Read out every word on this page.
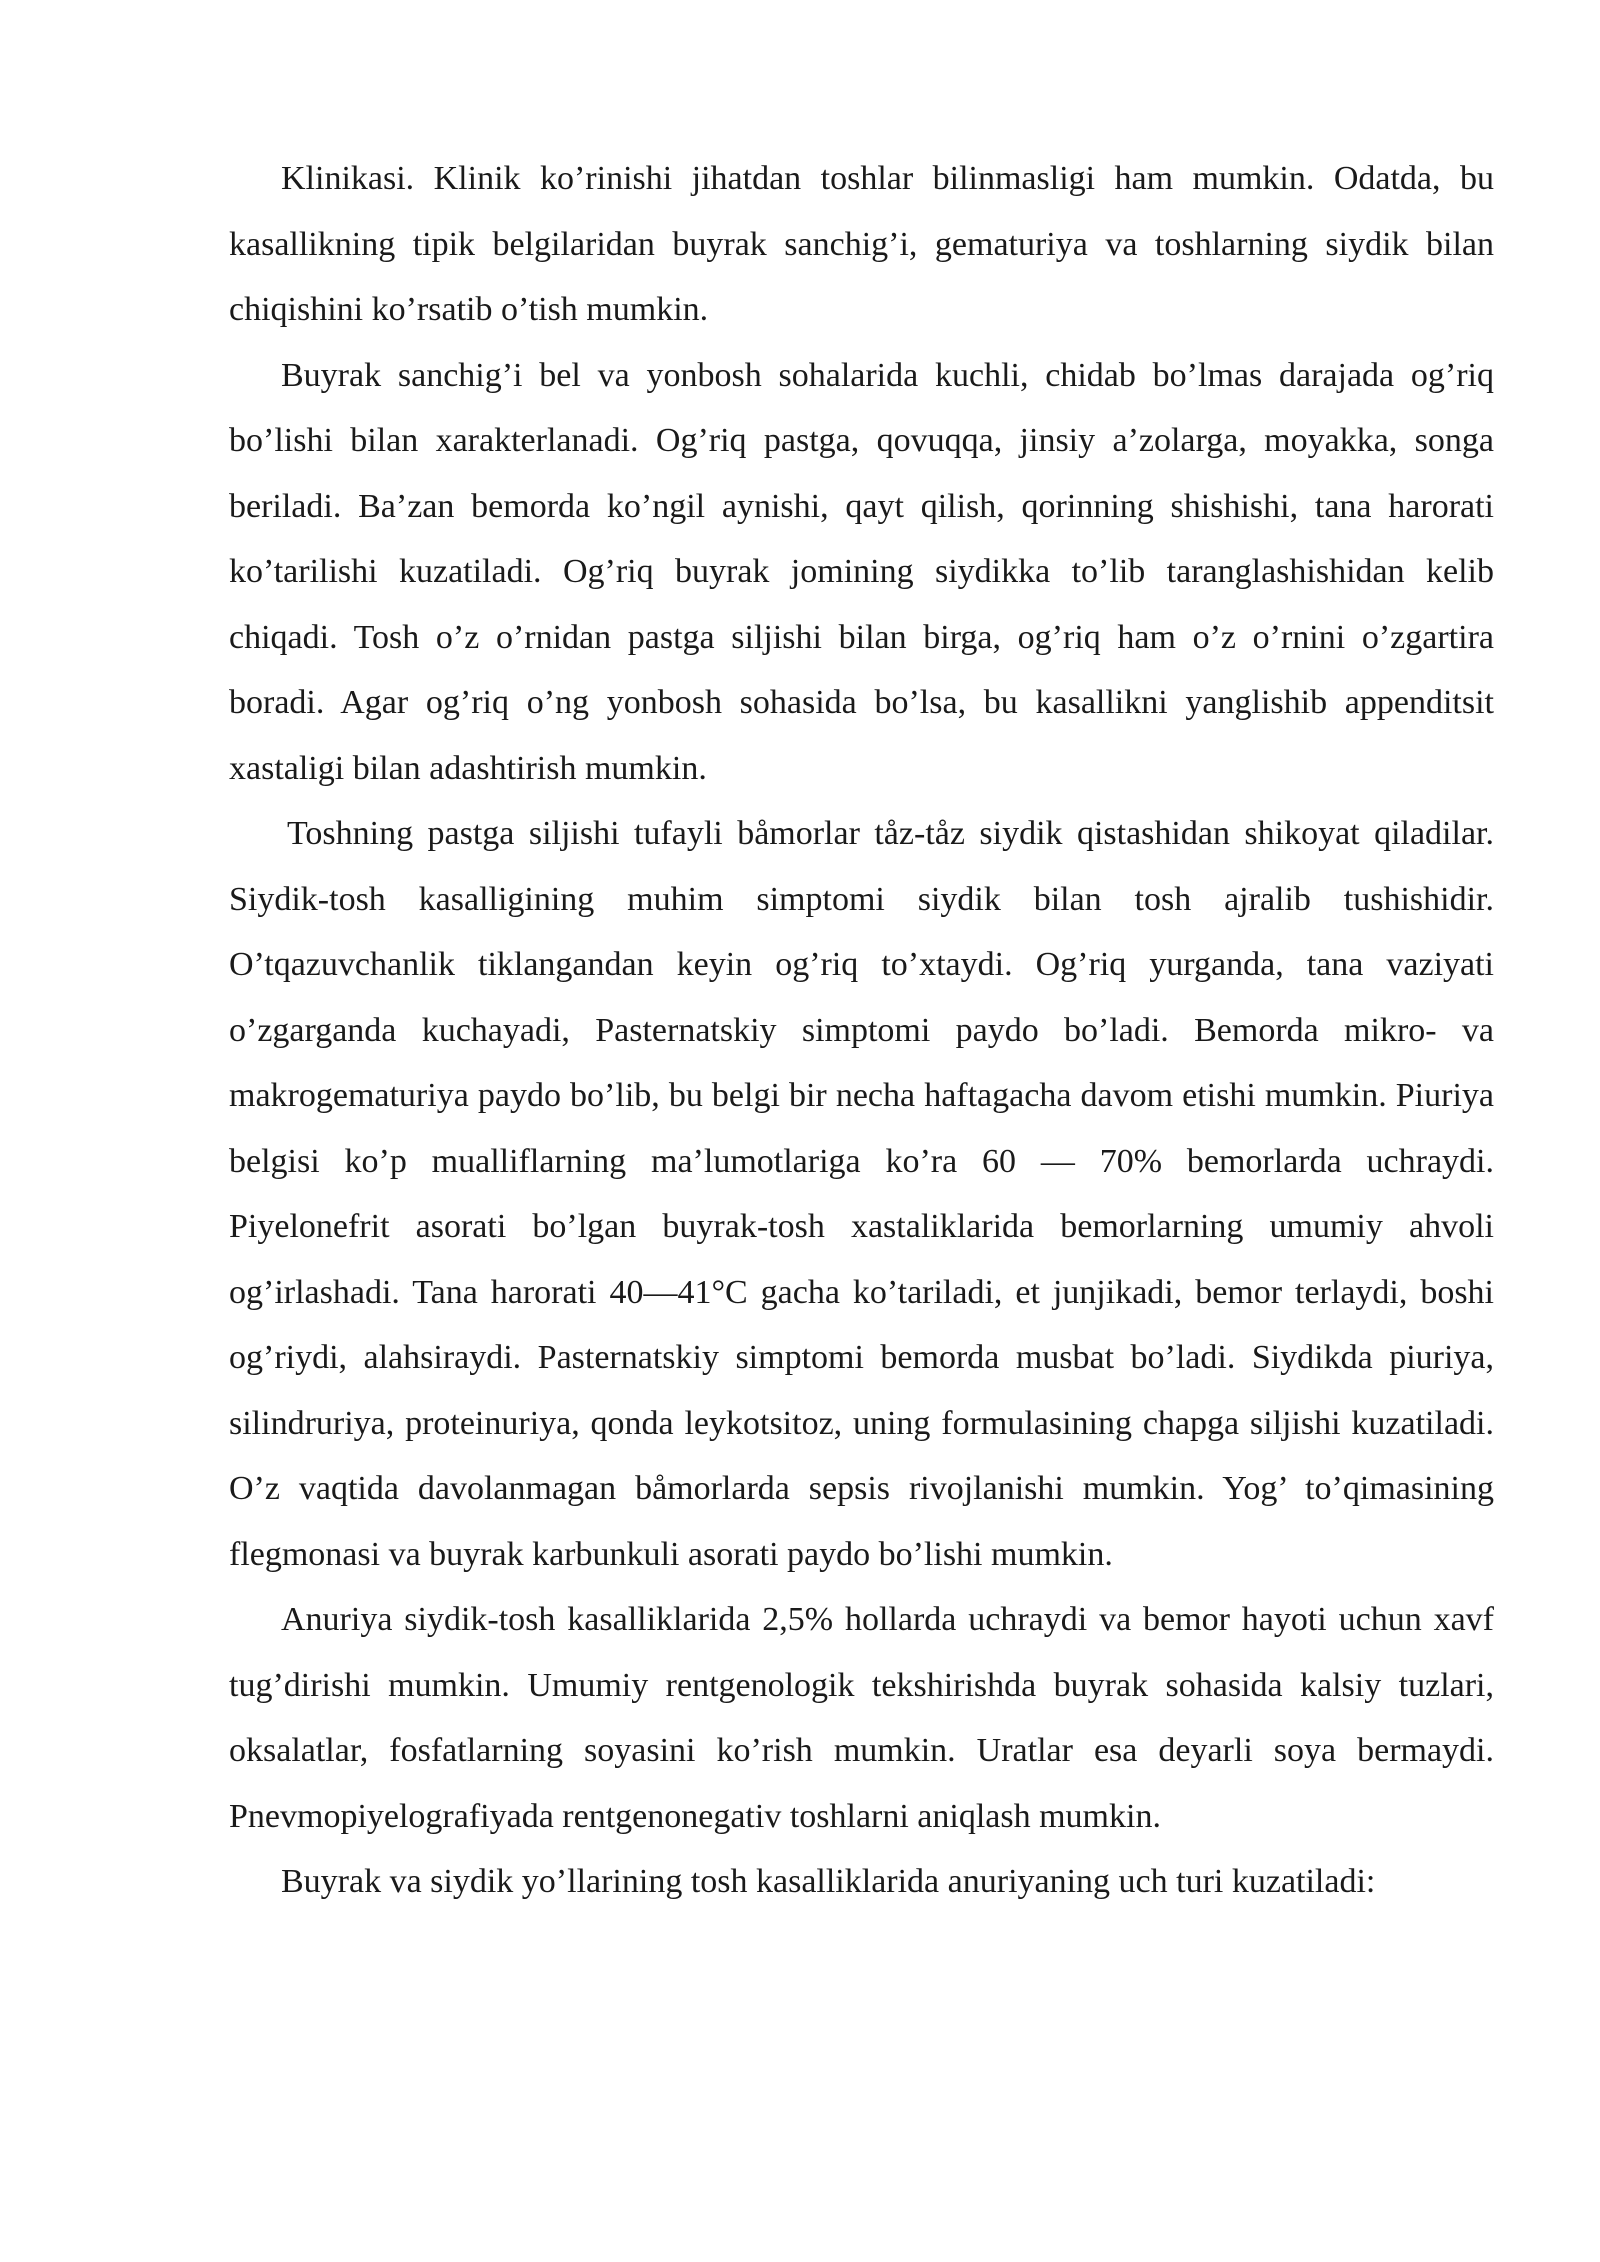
Klinikasi. Klinik ko’rinishi jihatdan toshlar bilinmasligi ham mumkin. Odatda, bu kasallikning tipik belgilaridan buyrak sanchig’i, gematuriya va toshlarning siydik bilan chiqishini ko’rsatib o’tish mumkin.

Buyrak sanchig’i bel va yonbosh sohalarida kuchli, chidab bo’lmas darajada og’riq bo’lishi bilan xarakterlanadi. Og’riq pastga, qovuqqa, jinsiy a’zolarga, moyakka, songa beriladi. Ba’zan bemorda ko’ngil aynishi, qayt qilish, qorinning shishishi, tana harorati ko’tarilishi kuzatiladi. Og’riq buyrak jomining siydikka to’lib taranglashishidan kelib chiqadi. Tosh o’z o’rnidan pastga siljishi bilan birga, og’riq ham o’z o’rnini o’zgartira boradi. Agar og’riq o’ng yonbosh sohasida bo’lsa, bu kasallikni yanglishib appenditsit xastaligi bilan adashtirish mumkin.

Toshning pastga siljishi tufayli båmorlar tåz-tåz siydik qistashidan shikoyat qiladilar. Siydik-tosh kasalligining muhim simptomi siydik bilan tosh ajralib tushishidir. O’tqazuvchanlik tiklangandan keyin og’riq to’xtaydi. Og’riq yurganda, tana vaziyati o’zgarganda kuchayadi, Pasternatskiy simptomi paydo bo’ladi. Bemorda mikro- va makrogematuriya paydo bo’lib, bu belgi bir necha haftagacha davom etishi mumkin. Piuriya belgisi ko’p mualliflarning ma’lumotlariga ko’ra 60 — 70% bemorlarda uchraydi. Piyelonefrit asorati bo’lgan buyrak-tosh xastaliklarida bemorlarning umumiy ahvoli og’irlashadi. Tana harorati 40—41°C gacha ko’tariladi, et junjikadi, bemor terlaydi, boshi og’riydi, alahsiraydi. Pasternatskiy simptomi bemorda musbat bo’ladi. Siydikda piuriya, silindruriya, proteinuriya, qonda leykotsitoz, uning formulasining chapga siljishi kuzatiladi. O’z vaqtida davolanmagan båmorlarda sepsis rivojlanishi mumkin. Yog’ to’qimasining flegmonasi va buyrak karbunkuli asorati paydo bo’lishi mumkin.

Anuriya siydik-tosh kasalliklarida 2,5% hollarda uchraydi va bemor hayoti uchun xavf tug’dirishi mumkin. Umumiy rentgenologik tekshirishda buyrak sohasida kalsiy tuzlari, oksalatlar, fosfatlarning soyasini ko’rish mumkin. Uratlar esa deyarli soya bermaydi. Pnevmopiyelografiyada rentgenonegativ toshlarni aniqlash mumkin.

Buyrak va siydik yo’llarining tosh kasalliklarida anuriyaning uch turi kuzatiladi:
